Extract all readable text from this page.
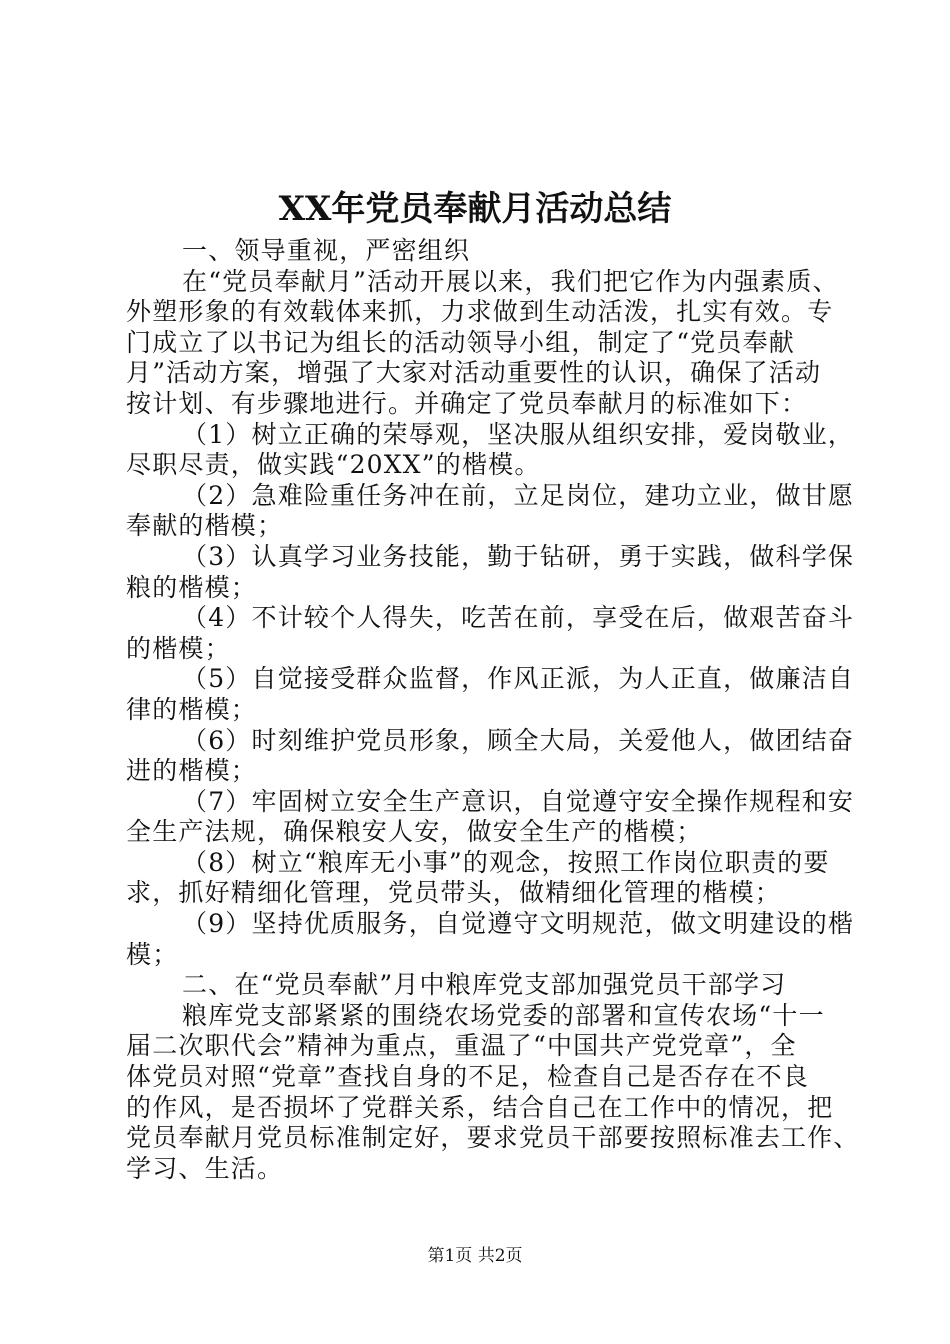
XX年党员奉献月活动总结
一、领导重视，严密组织
在“党员奉献月”活动开展以来，我们把它作为内强素质、
外塑形象的有效载体来抓，力求做到生动活泼，扎实有效。专
门成立了以书记为组长的活动领导小组，制定了“党员奉献
月”活动方案，增强了大家对活动重要性的认识，确保了活动
按计划、有步骤地进行。并确定了党员奉献月的标准如下：
（1）树立正确的荣辱观，坚决服从组织安排，爱岗敬业，
尽职尽责，做实践“20XX”的楷模。
（2）急难险重任务冲在前，立足岗位，建功立业，做甘愿
奉献的楷模；
（3）认真学习业务技能，勤于钻研，勇于实践，做科学保
粮的楷模；
（4）不计较个人得失，吃苦在前，享受在后，做艰苦奋斗
的楷模；
（5）自觉接受群众监督，作风正派，为人正直，做廉洁自
律的楷模；
（6）时刻维护党员形象，顾全大局，关爱他人，做团结奋
进的楷模；
（7）牢固树立安全生产意识，自觉遵守安全操作规程和安
全生产法规，确保粮安人安，做安全生产的楷模；
（8）树立“粮库无小事”的观念，按照工作岗位职责的要
求，抓好精细化管理，党员带头，做精细化管理的楷模；
（9）坚持优质服务，自觉遵守文明规范，做文明建设的楷
模；
二、在“党员奉献”月中粮库党支部加强党员干部学习
粮库党支部紧紧的围绕农场党委的部署和宣传农场“十一
届二次职代会”精神为重点，重温了“中国共产党党章”，全
体党员对照“党章”查找自身的不足，检查自己是否存在不良
的作风，是否损坏了党群关系，结合自己在工作中的情况，把
党员奉献月党员标准制定好，要求党员干部要按照标准去工作、
学习、生活。
第1页 共2页
